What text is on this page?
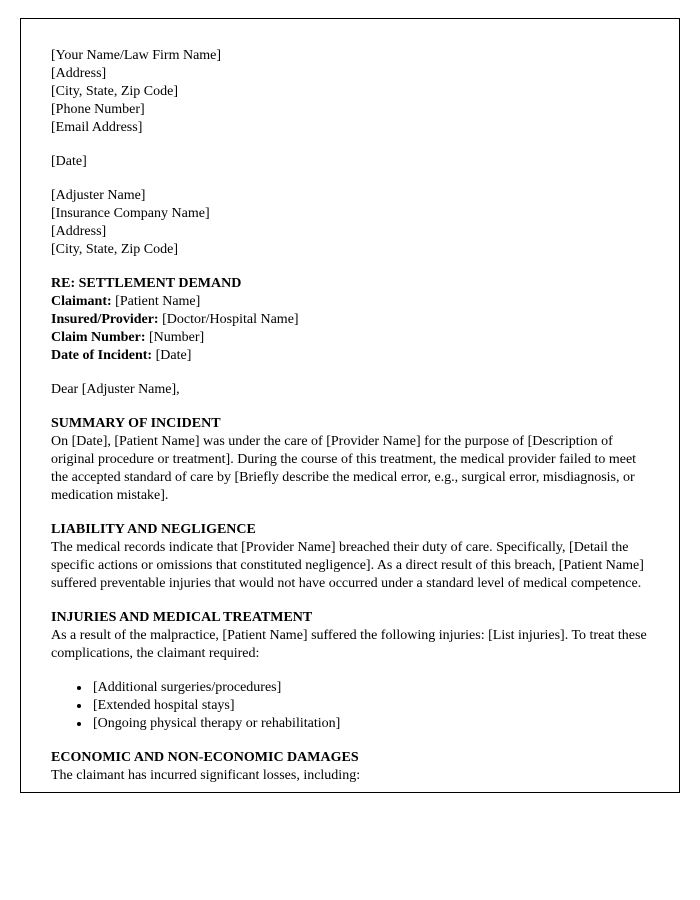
[Your Name/Law Firm Name]
[Address]
[City, State, Zip Code]
[Phone Number]
[Email Address]
[Date]
[Adjuster Name]
[Insurance Company Name]
[Address]
[City, State, Zip Code]
RE: SETTLEMENT DEMAND
Claimant: [Patient Name]
Insured/Provider: [Doctor/Hospital Name]
Claim Number: [Number]
Date of Incident: [Date]
Dear [Adjuster Name],
SUMMARY OF INCIDENT
On [Date], [Patient Name] was under the care of [Provider Name] for the purpose of [Description of original procedure or treatment]. During the course of this treatment, the medical provider failed to meet the accepted standard of care by [Briefly describe the medical error, e.g., surgical error, misdiagnosis, or medication mistake].
LIABILITY AND NEGLIGENCE
The medical records indicate that [Provider Name] breached their duty of care. Specifically, [Detail the specific actions or omissions that constituted negligence]. As a direct result of this breach, [Patient Name] suffered preventable injuries that would not have occurred under a standard level of medical competence.
INJURIES AND MEDICAL TREATMENT
As a result of the malpractice, [Patient Name] suffered the following injuries: [List injuries]. To treat these complications, the claimant required:
• [Additional surgeries/procedures]
• [Extended hospital stays]
• [Ongoing physical therapy or rehabilitation]
ECONOMIC AND NON-ECONOMIC DAMAGES
The claimant has incurred significant losses, including:
